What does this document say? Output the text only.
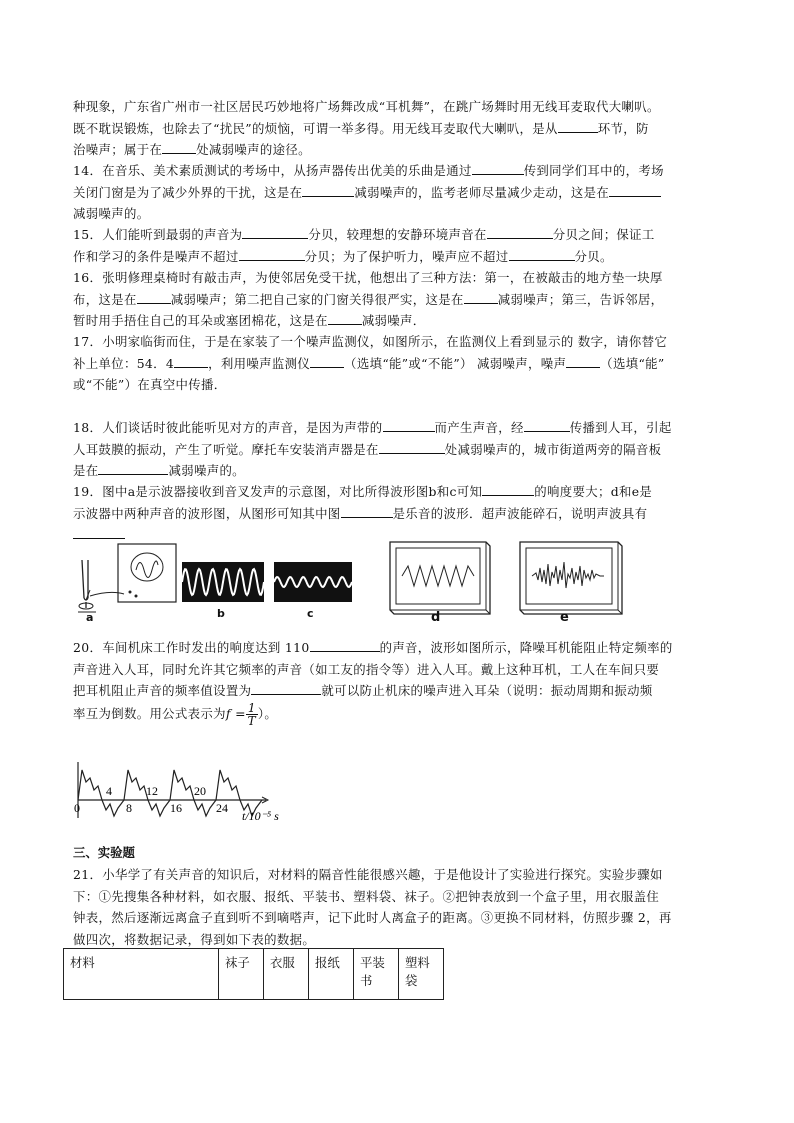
种现象，广东省广州市一社区居民巧妙地将广场舞改成“耳机舞”，在跳广场舞时用无线耳麦取代大喇叭。
既不耽误锻炼，也除去了“扰民”的烦恼，可谓一举多得。用无线耳麦取代大喇叭，是从	环节，防
治噪声；属于在	处减弱噪声的途径。

14．在音乐、美术素质测试的考场中，从扬声器传出优美的乐曲是通过	传到同学们耳中的，考场
关闭门窗是为了减少外界的干扰，这是在	减弱噪声的，监考老师尽量减少走动，这是在
减弱噪声的。

15．人们能听到最弱的声音为	分贝，较理想的安静环境声音在	分贝之间；保证工
作和学习的条件是噪声不超过	分贝；为了保护听力，噪声应不超过	分贝。

16．张明修理桌椅时有敲击声，为使邻居免受干扰，他想出了三种方法：第一，在被敲击的地方垫一块厚
布，这是在	减弱噪声；第二把自己家的门窗关得很严实，这是在	减弱噪声；第三，告诉邻居，
暂时用手捂住自己的耳朵或塞团棉花，这是在	减弱噪声．

17．小明家临街而住，于是在家装了一个噪声监测仪，如图所示，在监测仪上看到显示的 数字，请你替它
补上单位：54．4	，利用噪声监测仪	（选填“能”或“不能”） 减弱噪声，噪声	（选填“能”
或“不能”）在真空中传播．

18．人们谈话时彼此能听见对方的声音，是因为声带的	而产生声音，经	传播到人耳，引起
人耳鼓膜的振动，产生了听觉。摩托车安装消声器是在	处减弱噪声的，城市街道两旁的隔音板
是在	减弱噪声的。

19．图中a是示波器接收到音叉发声的示意图，对比所得波形图b和c可知	的响度要大；d和e是
示波器中两种声音的波形图，从图形可知其中图	是乐音的波形．超声波能碎石，说明声波具有

a	b	c	d	e

20．车间机床工作时发出的响度达到 110	的声音，波形如图所示，降噪耳机能阻止特定频率的
声音进入人耳，同时允许其它频率的声音（如工友的指令等）进入人耳。戴上这种耳机，工人在车间只要
把耳机阻止声音的频率值设置为	就可以防止机床的噪声进入耳朵（说明：振动周期和振动频
率互为倒数。用公式表示为$f = \frac{1}{T}$ ）。

0
4
8
12
16
20
24
t/10⁻⁵ s
三、实验题

21．小华学了有关声音的知识后，对材料的隔音性能很感兴趣，于是他设计了实验进行探究。实验步骤如
下：①先搜集各种材料，如衣服、报纸、平装书、塑料袋、袜子。②把钟表放到一个盒子里，用衣服盖住
钟表，然后逐渐远离盒子直到听不到嘀嗒声，记下此时人离盒子的距离。③更换不同材料，仿照步骤 2，再
做四次，将数据记录，得到如下表的数据。

材料	袜子	衣服	报纸	平装书	塑料袋
